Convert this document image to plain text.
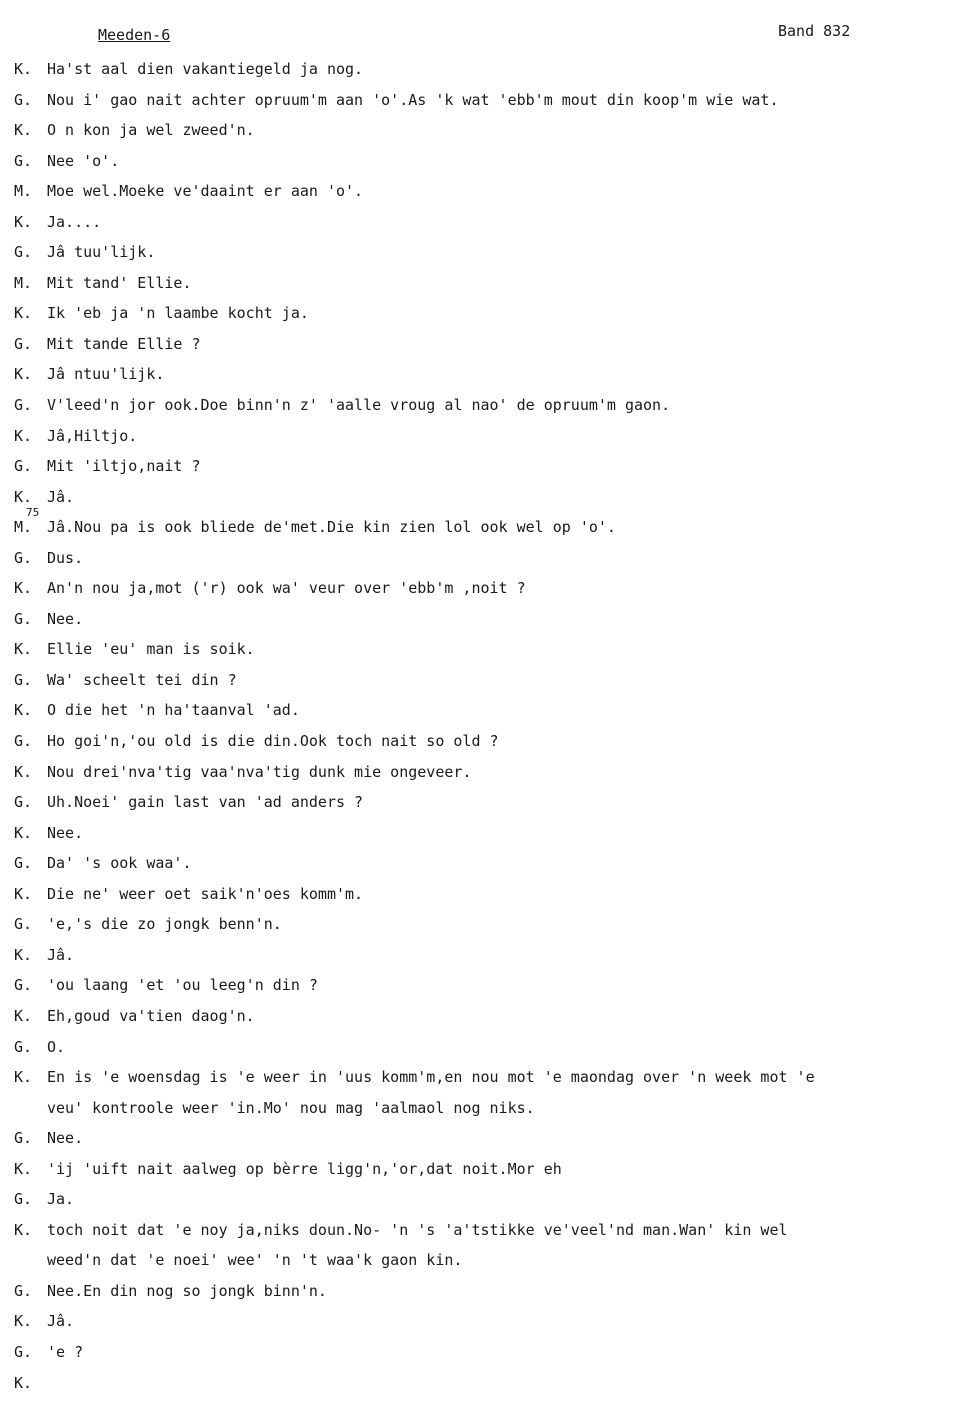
Meeden-6	Band 832
K. Ha'st aal dien vakantiegeld ja nog.
G. Nou i' gao nait achter opruum'm aan 'o'.As 'k wat 'ebb'm mout din koop'm wie wat.
K. O n kon ja wel zweed'n.
G. Nee 'o'.
M. Moe wel.Moeke ve'daaint er aan 'o'.
K. Ja....
G. Jâ tuu'lijk.
M. Mit tand' Ellie.
K. Ik 'eb ja 'n laambe kocht ja.
G. Mit tande Ellie ?
K. Jâ ntuu'lijk.
G. V'leed'n jor ook.Doe binn'n z' 'aalle vroug al nao' de opruum'm gaon.
K. Jâ,Hiltjo.
G. Mit 'iltjo,nait ?
K. Jâ.
M.
75
Jâ.Nou pa is ook bliede de'met.Die kin zien lol ook wel op 'o'.
G. Dus.
K. An'n nou ja,mot ('r) ook wa' veur over 'ebb'm ,noit ?
G. Nee.
K. Ellie 'eu' man is soik.
G. Wa' scheelt tei din ?
K. O die het 'n ha'taanval 'ad.
G. Ho goi'n,'ou old is die din.Ook toch nait so old ?
K. Nou drei'nva'tig vaa'nva'tig dunk mie ongeveer.
G. Uh.Noei' gain last van 'ad anders ?
K. Nee.
G. Da' 's ook waa'.
K. Die ne' weer oet saik'n'oes komm'm.
G. 'e,'s die zo jongk benn'n.
K. Jâ.
G. 'ou laang 'et 'ou leeg'n din ?
K. Eh,goud va'tien daog'n.
G. O.
K. En is 'e woensdag is 'e weer in 'uus komm'm,en nou mot 'e maondag over 'n week mot 'e
veu' kontroole weer 'in.Mo' nou mag 'aalmaol nog niks.
G. Nee.
K. 'ij 'uift nait aalweg op bèrre ligg'n,'or,dat noit.Mor eh
G. Ja.
K. toch noit dat 'e noy ja,niks doun.No- 'n 's 'a'tstikke ve'veel'nd man.Wan' kin wel
weed'n dat 'e noei' wee' 'n 't waa'k gaon kin.
G. Nee.En din nog so jongk binn'n.
K. Jâ.
G. 'e ?
K.
